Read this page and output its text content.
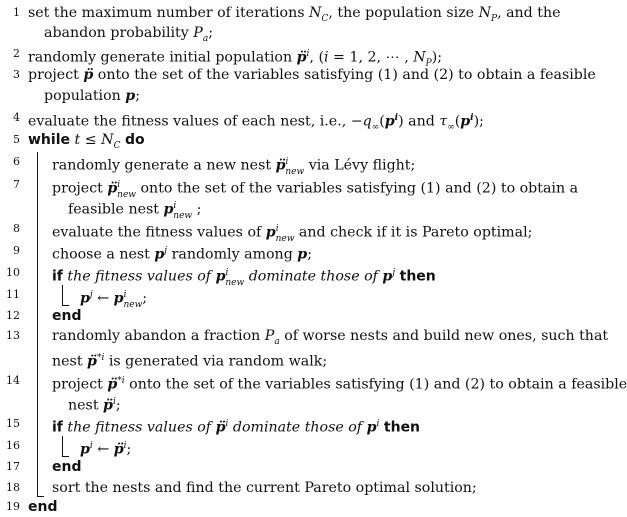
1 set the maximum number of iterations $N_C$, the population size $N_P$, and the
abandon probability $P_a$;
2 randomly generate initial population p̈$^i$, (i = 1, 2, ⋯ , $N_P$);
3 project p̈ onto the set of the variables satisfying (1) and (2) to obtain a feasible
population p;
4 evaluate the fitness values of each nest, i.e., $-q_\infty(p^i)$ and $\tau_\infty(p^i)$;
5 while $t \le N_C$ do
6 randomly generate a new nest p̈$^i_{new}$ via Lévy flight;
7 project p̈$^i_{new}$ onto the set of the variables satisfying (1) and (2) to obtain a
feasible nest $p^i_{new}$ ;
8 evaluate the fitness values of $p^i_{new}$ and check if it is Pareto optimal;
9 choose a nest $p^j$ randomly among p;
10 if the fitness values of $p^i_{new}$ dominate those of $p^j$ then
11	$p^j$ ← $p^i_{new}$;
12 end
13 randomly abandon a fraction $P_a$ of worse nests and build new ones, such that
nest p̈$^{*i}$ is generated via random walk;
14 project p̈$^{*i}$ onto the set of the variables satisfying (1) and (2) to obtain a feasible
nest p̈$^i$;
15 if the fitness values of p̈$^i$ dominate those of $p^i$ then
16	$p^i$ ← p̈$^i$;
17 end
18 sort the nests and find the current Pareto optimal solution;
19 end
